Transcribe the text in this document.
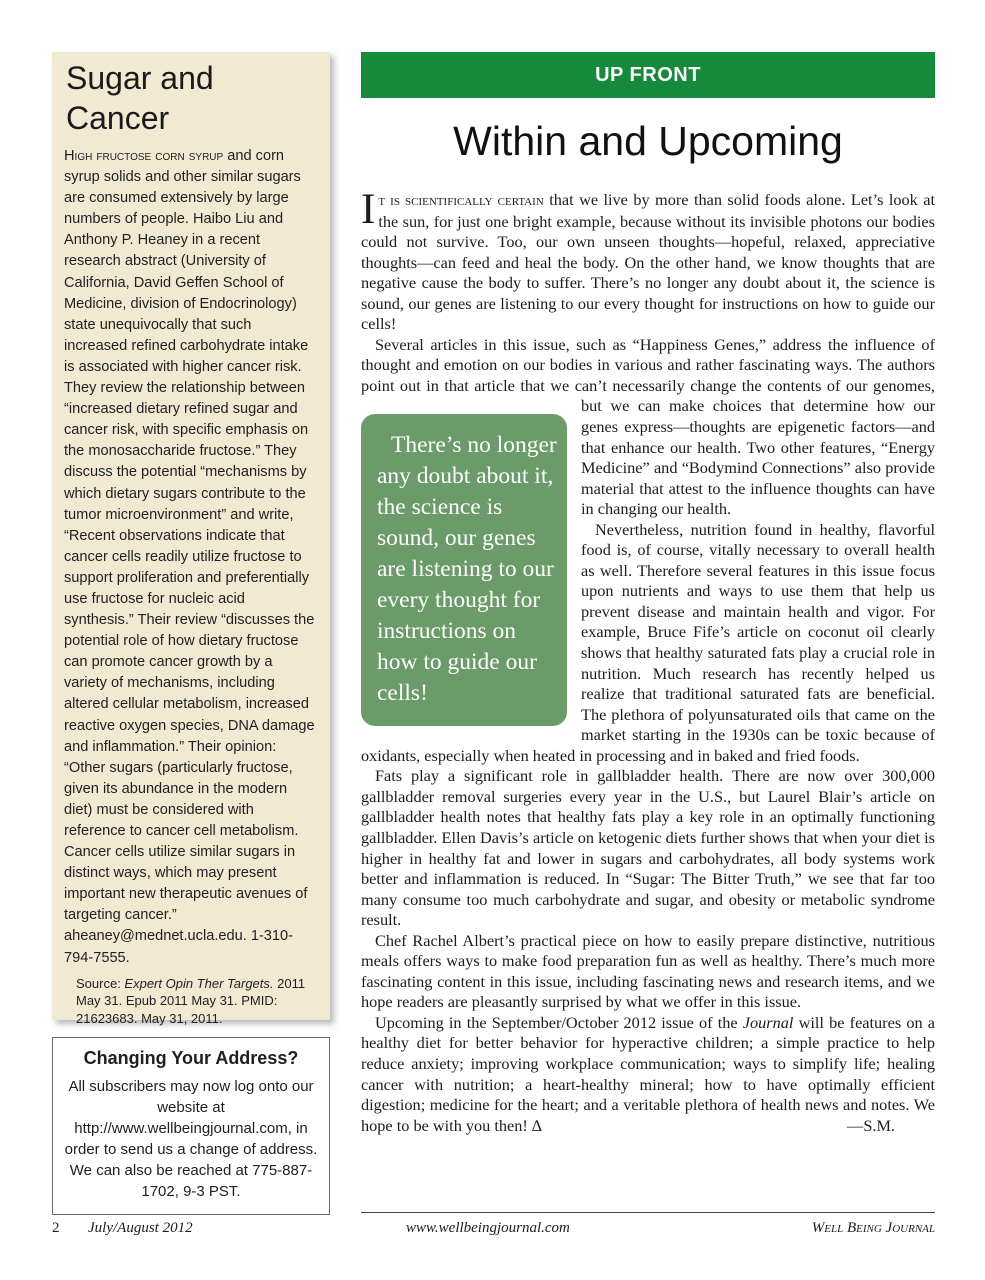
Sugar and Cancer

High fructose corn syrup and corn syrup solids and other similar sugars are consumed extensively by large numbers of people. Haibo Liu and Anthony P. Heaney in a recent research abstract (University of California, David Geffen School of Medicine, division of Endocrinology) state unequivocally that such increased refined carbohydrate intake is associated with higher cancer risk. They review the relationship between “increased dietary refined sugar and cancer risk, with specific emphasis on the monosaccharide fructose.” They discuss the potential “mechanisms by which dietary sugars contribute to the tumor microenvironment” and write, “Recent observations indicate that cancer cells readily utilize fructose to support proliferation and preferentially use fructose for nucleic acid synthesis.” Their review “discusses the potential role of how dietary fructose can promote cancer growth by a variety of mechanisms, including altered cellular metabolism, increased reactive oxygen species, DNA damage and inflammation.” Their opinion: “Other sugars (particularly fructose, given its abundance in the modern diet) must be considered with reference to cancer cell metabolism. Cancer cells utilize similar sugars in distinct ways, which may present important new therapeutic avenues of targeting cancer.” aheaney@mednet.ucla.edu. 1-310-794-7555.

Source: Expert Opin Ther Targets. 2011 May 31. Epub 2011 May 31. PMID: 21623683. May 31, 2011.

Changing Your Address?

All subscribers may now log onto our website at http://www.wellbeingjournal.com, in order to send us a change of address. We can also be reached at 775-887-1702, 9-3 PST.

UP FRONT
Within and Upcoming

It is scientifically certain that we live by more than solid foods alone. Let’s look at the sun, for just one bright example, because without its invisible photons our bodies could not survive. Too, our own unseen thoughts—hopeful, relaxed, appreciative thoughts—can feed and heal the body. On the other hand, we know thoughts that are negative cause the body to suffer. There’s no longer any doubt about it, the science is sound, our genes are listening to our every thought for instructions on how to guide our cells!

Several articles in this issue, such as “Happiness Genes,” address the influence of thought and emotion on our bodies in various and rather fascinating ways. The authors point out in that article that we can’t necessarily change the contents of our genomes, but we can make choices that determine how our
There’s no longer any doubt about it, the science is sound, our genes are listening to our every thought for instructions on how to guide our cells!
genes express—thoughts are epigenetic factors—and that enhance our health. Two other features, “Energy Medicine” and “Bodymind Connections” also provide material that attest to the influence thoughts can have in changing our health.

Nevertheless, nutrition found in healthy, flavorful food is, of course, vitally necessary to overall health as well. Therefore several features in this issue focus upon nutrients and ways to use them that help us prevent disease and maintain health and vigor. For example, Bruce Fife’s article on coconut oil clearly shows that healthy saturated fats play a crucial role in nutrition. Much research has recently helped us realize that traditional saturated fats are beneficial. The plethora of polyunsaturated oils that came on the market starting in the 1930s can be toxic because of oxidants, especially when heated in processing and in baked and fried foods.

Fats play a significant role in gallbladder health. There are now over 300,000 gallbladder removal surgeries every year in the U.S., but Laurel Blair’s article on gallbladder health notes that healthy fats play a key role in an optimally functioning gallbladder. Ellen Davis’s article on ketogenic diets further shows that when your diet is higher in healthy fat and lower in sugars and carbohydrates, all body systems work better and inflammation is reduced. In “Sugar: The Bitter Truth,” we see that far too many consume too much carbohydrate and sugar, and obesity or metabolic syndrome result.

Chef Rachel Albert’s practical piece on how to easily prepare distinctive, nutritious meals offers ways to make food preparation fun as well as healthy. There’s much more fascinating content in this issue, including fascinating news and research items, and we hope readers are pleasantly surprised by what we offer in this issue.

Upcoming in the September/October 2012 issue of the Journal will be features on a healthy diet for better behavior for hyperactive children; a simple practice to help reduce anxiety; improving workplace communication; ways to simplify life; healing cancer with nutrition; a heart-healthy mineral; how to have optimally efficient digestion; medicine for the heart; and a veritable plethora of health news and notes. We hope to be with you then! ∆	—S.M.

2 July/August 2012	www.wellbeingjournal.com	Well Being Journal
